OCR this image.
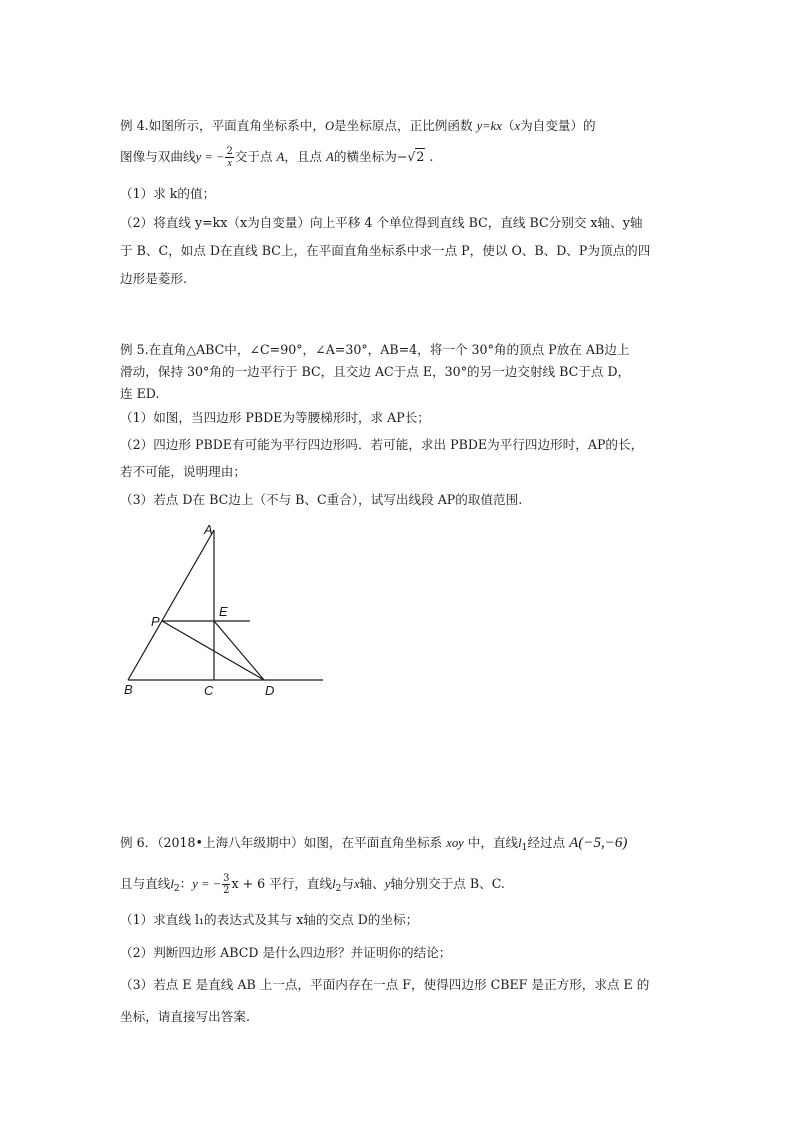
例 4.如图所示，平面直角坐标系中，O是坐标原点，正比例函数 y=kx（x为自变量）的
图像与双曲线y = − $\frac{2}{x}$ 交于点 A，且点 A的横坐标为−√2 .
（1）求 k的值；
（2）将直线 y=kx（x为自变量）向上平移 4 个单位得到直线 BC，直线 BC分别交 x轴、y轴
于 B、C，如点 D在直线 BC上，在平面直角坐标系中求一点 P，使以 O、B、D、P为顶点的四
边形是菱形.
例 5.在直角△ABC中，∠C=90°，∠A=30°，AB=4，将一个 30°角的顶点 P放在 AB边上
滑动，保持 30°角的一边平行于 BC，且交边 AC于点 E，30°的另一边交射线 BC于点 D，
连 ED.
（1）如图，当四边形 PBDE为等腰梯形时，求 AP长；
（2）四边形 PBDE有可能为平行四边形吗．若可能，求出 PBDE为平行四边形时，AP的长，
若不可能，说明理由；
（3）若点 D在 BC边上（不与 B、C重合），试写出线段 AP的取值范围.
A
P
E
B	C	D
例 6．（2018•上海八年级期中）如图，在平面直角坐标系 xoy 中，直线$l_1$经过点 A(−5,−6)
且与直线$l_2$：y = − $\frac{3}{2}$ x + 6 平行，直线$l_2$与x轴、y轴分别交于点 B、C.
（1）求直线 l₁的表达式及其与 x轴的交点 D的坐标；
（2）判断四边形 ABCD 是什么四边形？并证明你的结论；
（3）若点 E 是直线 AB 上一点，平面内存在一点 F，使得四边形 CBEF 是正方形，求点 E 的
坐标，请直接写出答案.
